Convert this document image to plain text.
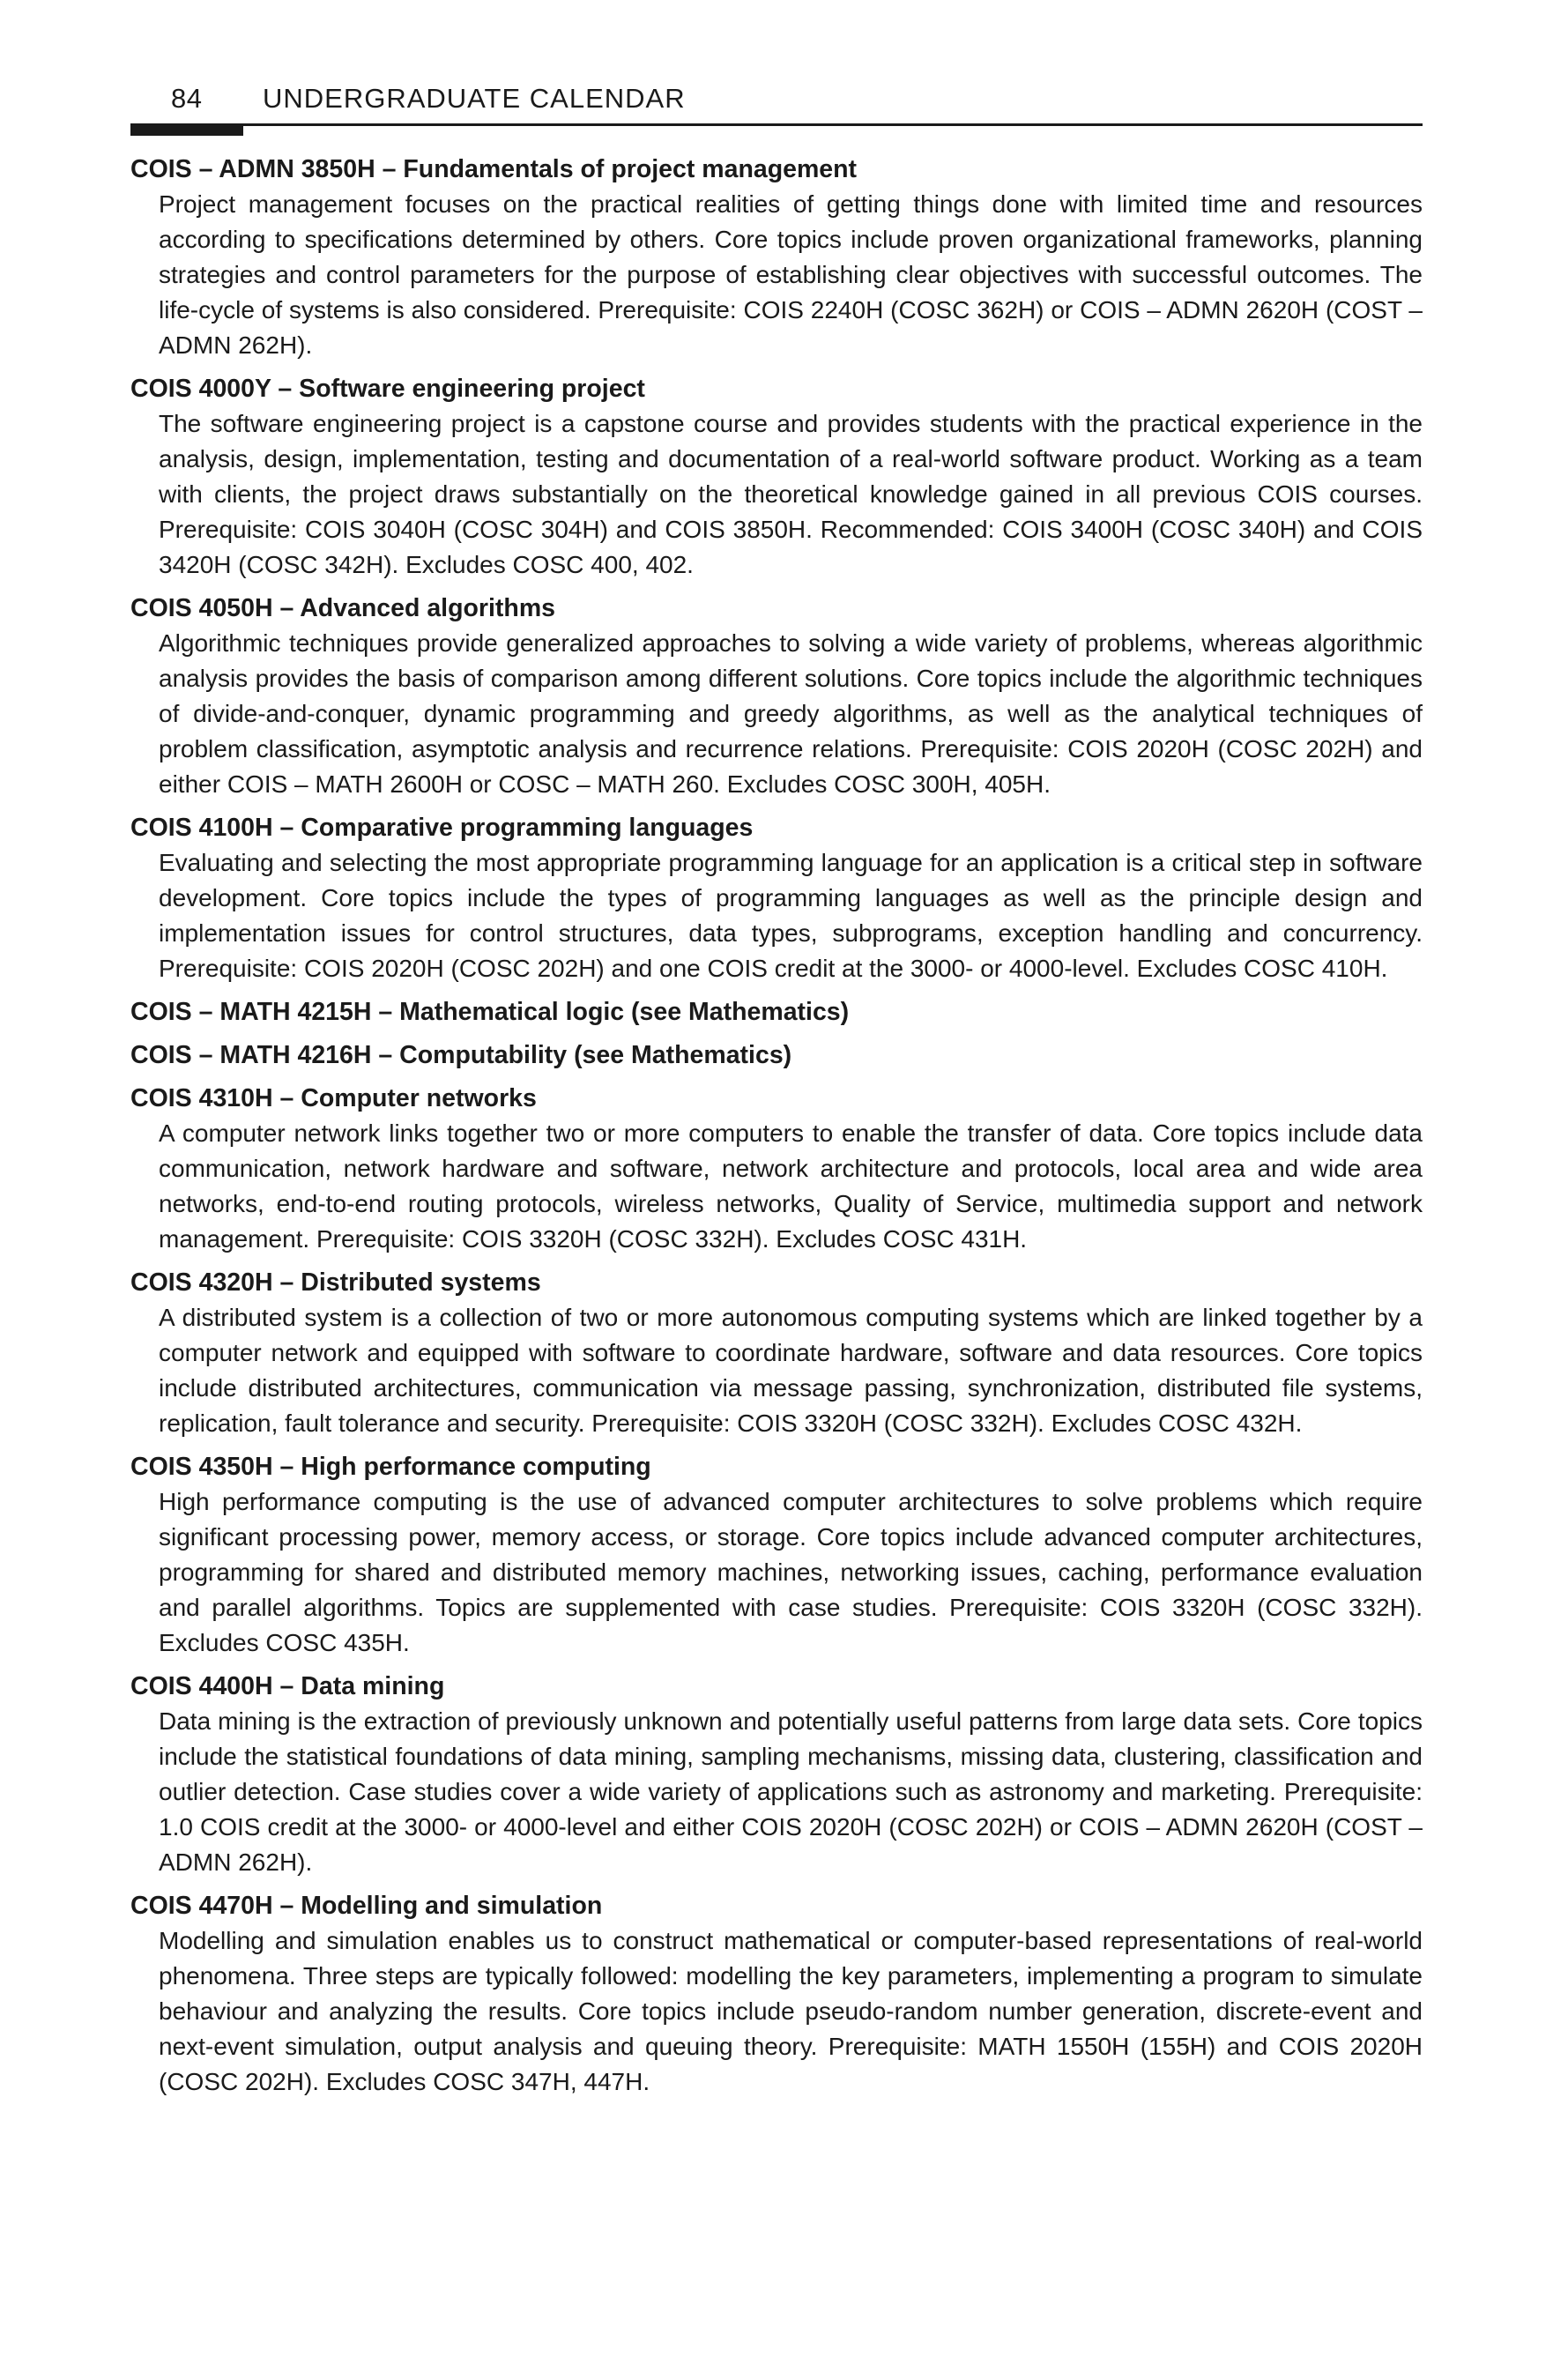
84 UNDERGRADUATE CALENDAR
COIS – ADMN 3850H – Fundamentals of project management
Project management focuses on the practical realities of getting things done with limited time and resources according to specifications determined by others. Core topics include proven organizational frameworks, planning strategies and control parameters for the purpose of establishing clear objectives with successful outcomes. The life-cycle of systems is also considered. Prerequisite: COIS 2240H (COSC 362H) or COIS – ADMN 2620H (COST – ADMN 262H).
COIS 4000Y – Software engineering project
The software engineering project is a capstone course and provides students with the practical experience in the analysis, design, implementation, testing and documentation of a real-world software product. Working as a team with clients, the project draws substantially on the theoretical knowledge gained in all previous COIS courses. Prerequisite: COIS 3040H (COSC 304H) and COIS 3850H. Recommended: COIS 3400H (COSC 340H) and COIS 3420H (COSC 342H). Excludes COSC 400, 402.
COIS 4050H – Advanced algorithms
Algorithmic techniques provide generalized approaches to solving a wide variety of problems, whereas algorithmic analysis provides the basis of comparison among different solutions. Core topics include the algorithmic techniques of divide-and-conquer, dynamic programming and greedy algorithms, as well as the analytical techniques of problem classification, asymptotic analysis and recurrence relations. Prerequisite: COIS 2020H (COSC 202H) and either COIS – MATH 2600H or COSC – MATH 260. Excludes COSC 300H, 405H.
COIS 4100H – Comparative programming languages
Evaluating and selecting the most appropriate programming language for an application is a critical step in software development. Core topics include the types of programming languages as well as the principle design and implementation issues for control structures, data types, subprograms, exception handling and concurrency. Prerequisite: COIS 2020H (COSC 202H) and one COIS credit at the 3000- or 4000-level. Excludes COSC 410H.
COIS – MATH 4215H – Mathematical logic (see Mathematics)
COIS – MATH 4216H – Computability (see Mathematics)
COIS 4310H – Computer networks
A computer network links together two or more computers to enable the transfer of data. Core topics include data communication, network hardware and software, network architecture and protocols, local area and wide area networks, end-to-end routing protocols, wireless networks, Quality of Service, multimedia support and network management. Prerequisite: COIS 3320H (COSC 332H). Excludes COSC 431H.
COIS 4320H – Distributed systems
A distributed system is a collection of two or more autonomous computing systems which are linked together by a computer network and equipped with software to coordinate hardware, software and data resources. Core topics include distributed architectures, communication via message passing, synchronization, distributed file systems, replication, fault tolerance and security. Prerequisite: COIS 3320H (COSC 332H). Excludes COSC 432H.
COIS 4350H – High performance computing
High performance computing is the use of advanced computer architectures to solve problems which require significant processing power, memory access, or storage. Core topics include advanced computer architectures, programming for shared and distributed memory machines, networking issues, caching, performance evaluation and parallel algorithms. Topics are supplemented with case studies. Prerequisite: COIS 3320H (COSC 332H). Excludes COSC 435H.
COIS 4400H – Data mining
Data mining is the extraction of previously unknown and potentially useful patterns from large data sets. Core topics include the statistical foundations of data mining, sampling mechanisms, missing data, clustering, classification and outlier detection. Case studies cover a wide variety of applications such as astronomy and marketing. Prerequisite: 1.0 COIS credit at the 3000- or 4000-level and either COIS 2020H (COSC 202H) or COIS – ADMN 2620H (COST – ADMN 262H).
COIS 4470H – Modelling and simulation
Modelling and simulation enables us to construct mathematical or computer-based representations of real-world phenomena. Three steps are typically followed: modelling the key parameters, implementing a program to simulate behaviour and analyzing the results. Core topics include pseudo-random number generation, discrete-event and next-event simulation, output analysis and queuing theory. Prerequisite: MATH 1550H (155H) and COIS 2020H (COSC 202H). Excludes COSC 347H, 447H.
